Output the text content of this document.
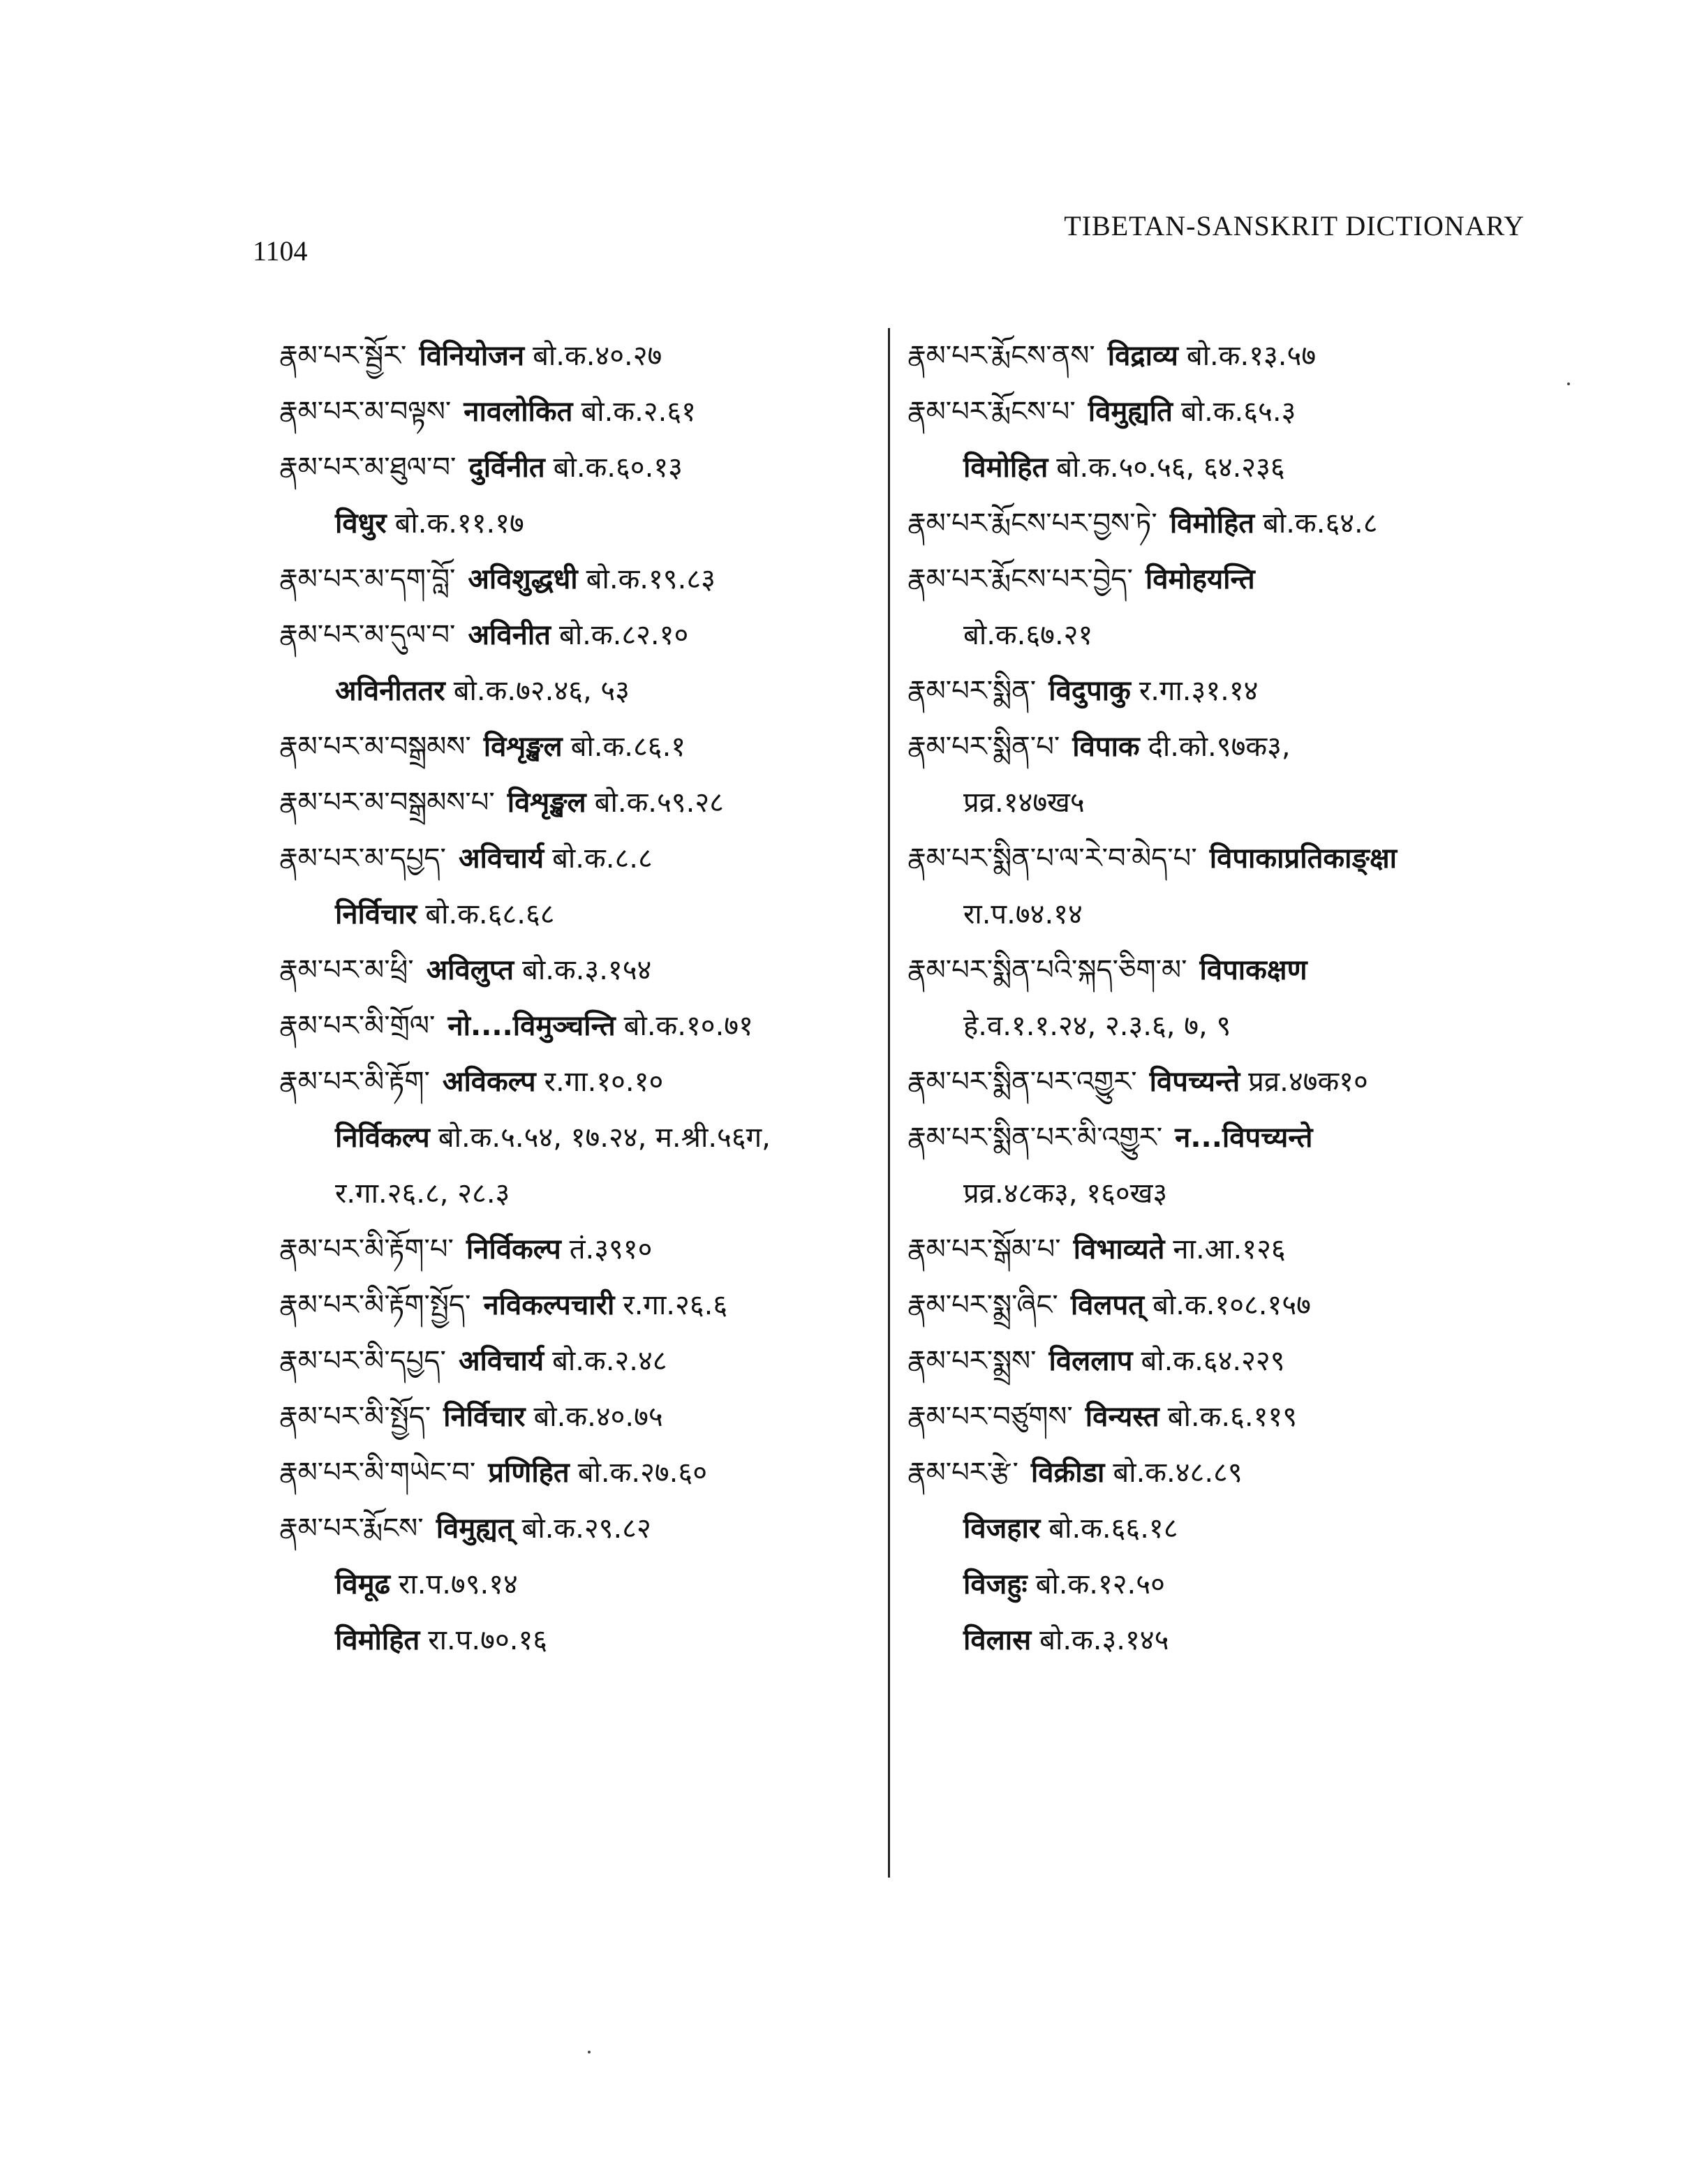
1104
TIBETAN-SANSKRIT DICTIONARY
རྣམ་པར་སྦྱོར་ विनियोजन बो.क.४०.२७
རྣམ་པར་མ་བལྟས་ नावलोकित बो.क.२.६१
རྣམ་པར་མ་ཐུལ་བ་ दुर्विनीत बो.क.६०.१३
विधुर बो.क.११.१७
རྣམ་པར་མ་དག་བློ་ अविशुद्धधी बो.क.१९.८३
རྣམ་པར་མ་དུལ་བ་ अविनीत बो.क.८२.१०
अविनीततर बो.क.७२.४६, ५३
རྣམ་པར་མ་བསྒྲམས་ विशृङ्खल बो.क.८६.१
རྣམ་པར་མ་བསྒྲམས་པ་ विशृङ्खल बो.क.५९.२८
རྣམ་པར་མ་དཔྱད་ अविचार्य बो.क.८.८
निर्विचार बो.क.६८.६८
རྣམ་པར་མ་ཕྲི་ अविलुप्त बो.क.३.१५४
རྣམ་པར་མི་གྲོལ་ नो....विमुञ्चन्ति बो.क.१०.७१
རྣམ་པར་མི་རྟོག་ अविकल्प र.गा.१०.१०
निर्विकल्प बो.क.५.५४, १७.२४, म.श्री.५६ग,
र.गा.२६.८, २८.३
རྣམ་པར་མི་རྟོག་པ་ निर्विकल्प तं.३९१०
རྣམ་པར་མི་རྟོག་སྤྱོད་ नविकल्पचारी र.गा.२६.६
རྣམ་པར་མི་དཔྱད་ अविचार्य बो.क.२.४८
རྣམ་པར་མི་སྤྱོད་ निर्विचार बो.क.४०.७५
རྣམ་པར་མི་གཡེང་བ་ प्रणिहित बो.क.२७.६०
རྣམ་པར་རྨོངས་ विमुह्यत् बो.क.२९.८२
विमूढ रा.प.७९.१४
विमोहित रा.प.७०.१६
རྣམ་པར་རྨོངས་ནས་ विद्राव्य बो.क.१३.५७
རྣམ་པར་རྨོངས་པ་ विमुह्यति बो.क.६५.३
विमोहित बो.क.५०.५६, ६४.२३६
རྣམ་པར་རྨོངས་པར་བྱས་ཏེ་ विमोहित बो.क.६४.८
རྣམ་པར་རྨོངས་པར་བྱེད་ विमोहयन्ति
बो.क.६७.२१
རྣམ་པར་སྨིན་ विदुपाकु र.गा.३१.१४
རྣམ་པར་སྨིན་པ་ विपाक दी.को.९७क३,
प्रव्र.१४७ख५
རྣམ་པར་སྨིན་པ་ལ་རེ་བ་མེད་པ་ विपाकाप्रतिकाङ्क्षा
रा.प.७४.१४
རྣམ་པར་སྨིན་པའི་སྐད་ཅིག་མ་ विपाकक्षण
हे.व.१.१.२४, २.३.६, ७, ९
རྣམ་པར་སྨིན་པར་འགྱུར་ विपच्यन्ते प्रव्र.४७क१०
རྣམ་པར་སྨིན་པར་མི་འགྱུར་ न...विपच्यन्ते
प्रव्र.४८क३, १६०ख३
རྣམ་པར་སྒོམ་པ་ विभाव्यते ना.आ.१२६
རྣམ་པར་སྨྲ་ཞིང་ विलपत् बो.क.१०८.१५७
རྣམ་པར་སྨྲས་ विललाप बो.क.६४.२२९
རྣམ་པར་བཙུགས་ विन्यस्त बो.क.६.११९
རྣམ་པར་རྩེ་ विक्रीडा बो.क.४८.८९
विजहार बो.क.६६.१८
विजहुः बो.क.१२.५०
विलास बो.क.३.१४५
